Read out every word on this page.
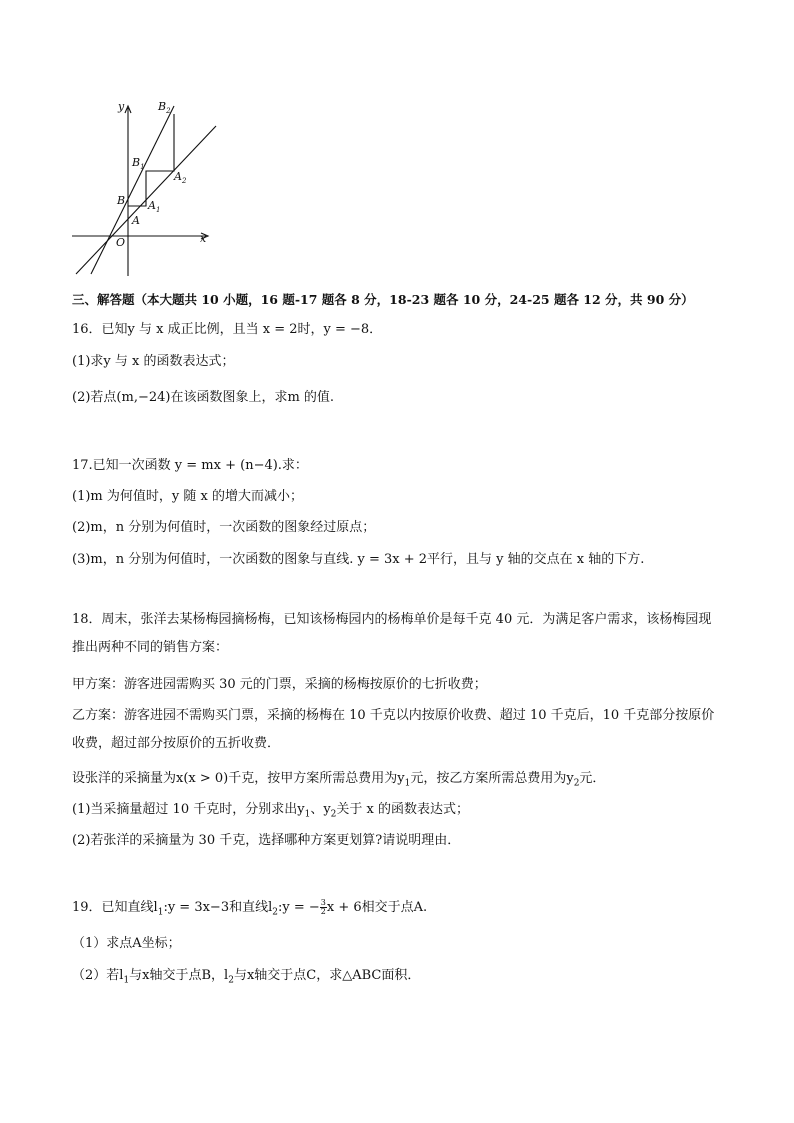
y
x
O
A
B $A_1$
$B_1$
$A_2$
$B_2$
三、解答题（本大题共 10 小题，16 题-17 题各 8 分，18-23 题各 10 分，24-25 题各 12 分，共 90 分）
16．已知y 与 x 成正比例，且当 x = 2时，y = −8．
(1)求y 与 x 的函数表达式；
(2)若点(m,−24)在该函数图象上，求m 的值.
17.已知一次函数 y = mx + (n−4).求：
(1)m 为何值时，y 随 x 的增大而减小；
(2)m，n 分别为何值时，一次函数的图象经过原点；
(3)m，n 分别为何值时，一次函数的图象与直线. y = 3x + 2平行，且与 y 轴的交点在 x 轴的下方.
18．周末，张洋去某杨梅园摘杨梅，已知该杨梅园内的杨梅单价是每千克 40 元．为满足客户需求，该杨梅园现推出两种不同的销售方案：
甲方案：游客进园需购买 30 元的门票，采摘的杨梅按原价的七折收费；
乙方案：游客进园不需购买门票，采摘的杨梅在 10 千克以内按原价收费、超过 10 千克后，10 千克部分按原价收费，超过部分按原价的五折收费．
设张洋的采摘量为x(x > 0)千克，按甲方案所需总费用为$y_1$元，按乙方案所需总费用为$y_2$元．
(1)当采摘量超过 10 千克时，分别求出$y_1$、$y_2$关于 x 的函数表达式；
(2)若张洋的采摘量为 30 千克，选择哪种方案更划算?请说明理由．
19．已知直线$l_1:y = 3x-3$和直线$l_2:y$ = − $\frac{3}{2}$ x + 6相交于点A.
（1）求点A坐标；
（2）若$l_1$与x轴交于点B，$l_2$与x轴交于点C，求△ABC面积．
